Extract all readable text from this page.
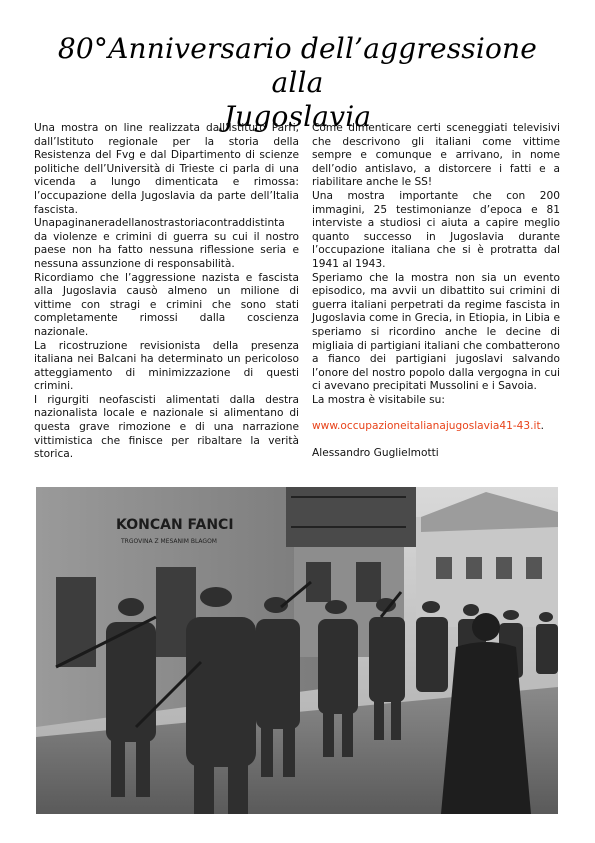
80°Anniversario dell’aggressione alla
Jugoslavia

Una mostra on line realizzata dall’Istituto Parri, dall’Istituto regionale per la storia della Resistenza del Fvg e dal Dipartimento di scienze politiche dell’Università di Trieste ci parla di una vicenda a lungo dimenticata e rimossa: l’occupazione della Jugoslavia da parte dell’Italia fascista.

Unapaginaneradellanostrastoriacontraddistinta da violenze e crimini di guerra su cui il nostro paese non ha fatto nessuna riflessione seria e nessuna assunzione di responsabilità.

Ricordiamo che l’aggressione nazista e fascista alla Jugoslavia causò almeno un milione di vittime con stragi e crimini che sono stati completamente rimossi dalla coscienza nazionale.

La ricostruzione revisionista della presenza italiana nei Balcani ha determinato un pericoloso atteggiamento di minimizzazione di questi crimini.

I rigurgiti neofascisti alimentati dalla destra nazionalista locale e nazionale si alimentano di questa grave rimozione e di una narrazione vittimistica che finisce per ribaltare la verità storica.

Come dimenticare certi sceneggiati televisivi che descrivono gli italiani come vittime sempre e comunque e arrivano, in nome dell’odio antislavo, a distorcere i fatti e a riabilitare anche le SS!

Una mostra importante che con 200 immagini, 25 testimonianze d’epoca e 81 interviste a studiosi ci aiuta a capire meglio quanto successo in Jugoslavia durante l’occupazione italiana che si è protratta dal 1941 al 1943.

Speriamo che la mostra non sia un evento episodico, ma avvii un dibattito sui crimini di guerra italiani perpetrati da regime fascista in Jugoslavia come in Grecia, in Etiopia, in Libia e speriamo si ricordino anche le decine di migliaia di partigiani italiani che combatterono a fianco dei partigiani jugoslavi salvando l’onore del nostro popolo dalla vergogna in cui ci avevano precipitati Mussolini e i Savoia.

La mostra è visitabile su:

www.occupazioneitalianajugoslavia41-43.it.

Alessandro Guglielmotti

KONCAN FANCI
TRGOVINA Z MESANIM BLAGOM
